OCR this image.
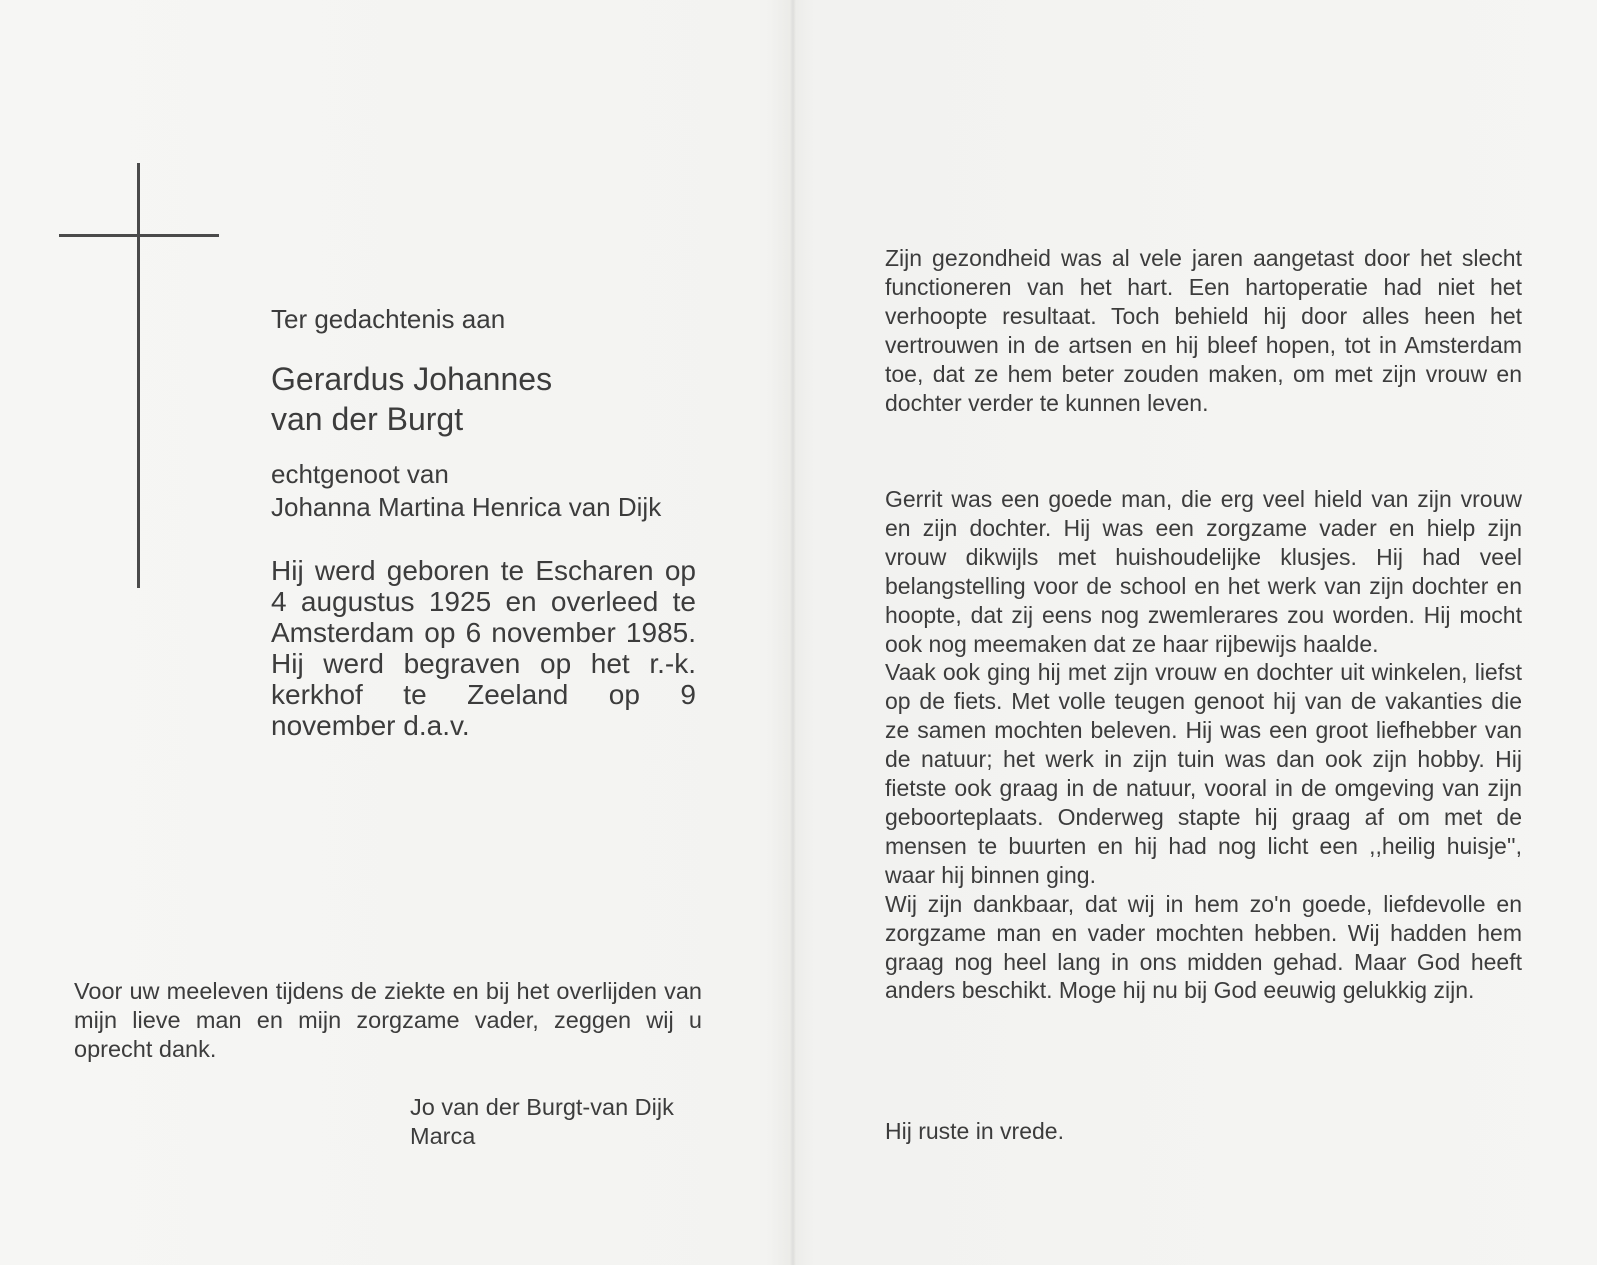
Ter gedachtenis aan
Gerardus Johannes
van der Burgt
echtgenoot van
Johanna Martina Henrica van Dijk
Hij werd geboren te Escharen op 4 augustus 1925 en overleed te Amsterdam op 6 november 1985. Hij werd begraven op het r.-k. kerkhof te Zeeland op 9 november d.a.v.
Voor uw meeleven tijdens de ziekte en bij het overlijden van mijn lieve man en mijn zorgzame vader, zeggen wij u oprecht dank.
Jo van der Burgt-van Dijk
Marca

Zijn gezondheid was al vele jaren aangetast door het slecht functioneren van het hart. Een hartoperatie had niet het verhoopte resultaat. Toch behield hij door alles heen het vertrouwen in de artsen en hij bleef hopen, tot in Amsterdam toe, dat ze hem beter zouden maken, om met zijn vrouw en dochter verder te kunnen leven.

Gerrit was een goede man, die erg veel hield van zijn vrouw en zijn dochter. Hij was een zorgzame vader en hielp zijn vrouw dikwijls met huishoudelijke klusjes. Hij had veel belangstelling voor de school en het werk van zijn dochter en hoopte, dat zij eens nog zwemlerares zou worden. Hij mocht ook nog meemaken dat ze haar rijbewijs haalde.

Vaak ook ging hij met zijn vrouw en dochter uit winkelen, liefst op de fiets. Met volle teugen genoot hij van de vakanties die ze samen mochten beleven. Hij was een groot liefhebber van de natuur; het werk in zijn tuin was dan ook zijn hobby. Hij fietste ook graag in de natuur, vooral in de omgeving van zijn geboorteplaats. Onderweg stapte hij graag af om met de mensen te buurten en hij had nog licht een ,,heilig huisje'', waar hij binnen ging.

Wij zijn dankbaar, dat wij in hem zo'n goede, liefdevolle en zorgzame man en vader mochten hebben. Wij hadden hem graag nog heel lang in ons midden gehad. Maar God heeft anders beschikt. Moge hij nu bij God eeuwig gelukkig zijn.

Hij ruste in vrede.
